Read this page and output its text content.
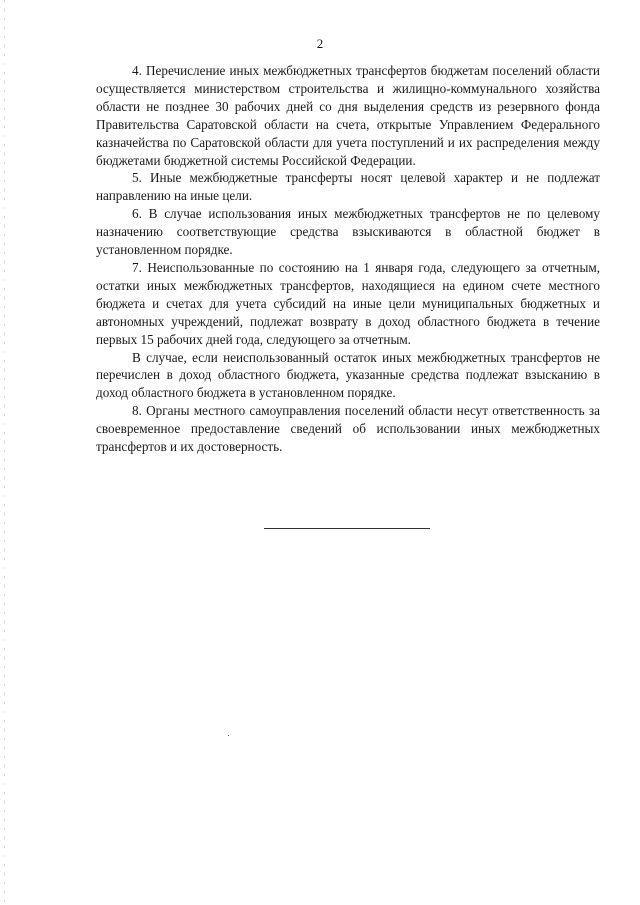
2

4. Перечисление иных межбюджетных трансфертов бюджетам поселений области осуществляется министерством строительства и жилищно-коммунального хозяйства области не позднее 30 рабочих дней со дня выделения средств из резервного фонда Правительства Саратовской области на счета, открытые Управлением Федерального казначейства по Саратовской области для учета поступлений и их распределения между бюджетами бюджетной системы Российской Федерации.

5. Иные межбюджетные трансферты носят целевой характер и не подлежат направлению на иные цели.

6. В случае использования иных межбюджетных трансфертов не по целевому назначению соответствующие средства взыскиваются в областной бюджет в установленном порядке.

7. Неиспользованные по состоянию на 1 января года, следующего за отчетным, остатки иных межбюджетных трансфертов, находящиеся на едином счете местного бюджета и счетах для учета субсидий на иные цели муниципальных бюджетных и автономных учреждений, подлежат возврату в доход областного бюджета в течение первых 15 рабочих дней года, следующего за отчетным.

В случае, если неиспользованный остаток иных межбюджетных трансфертов не перечислен в доход областного бюджета, указанные средства подлежат взысканию в доход областного бюджета в установленном порядке.

8. Органы местного самоуправления поселений области несут ответственность за своевременное предоставление сведений об использовании иных межбюджетных трансфертов и их достоверность.
